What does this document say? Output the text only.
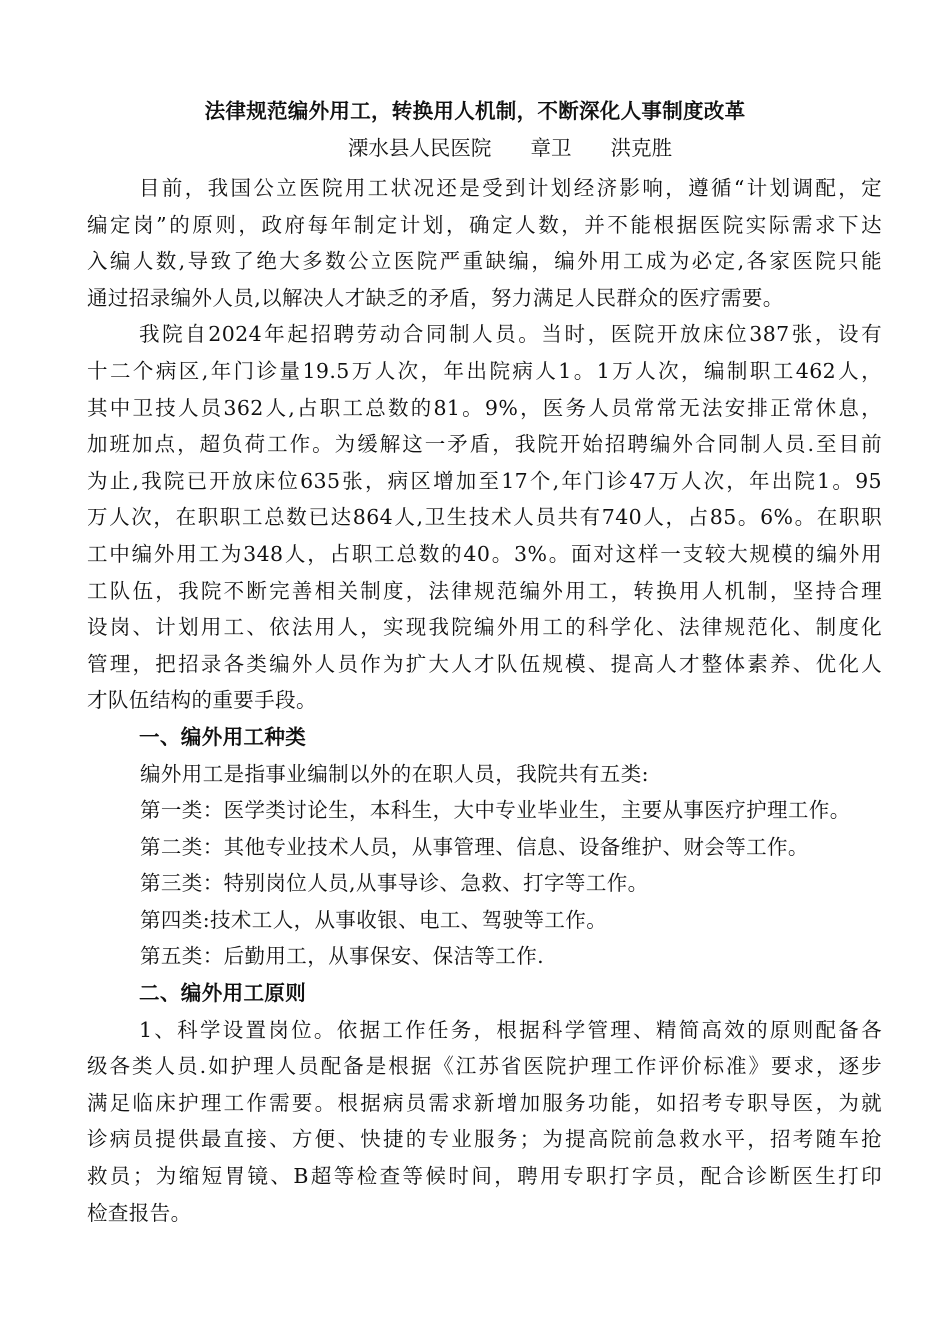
法律规范编外用工，转换用人机制，不断深化人事制度改革
溧水县人民医院      章卫      洪克胜
目前，我国公立医院用工状况还是受到计划经济影响，遵循“计划调配，定
编定岗”的原则，政府每年制定计划，确定人数，并不能根据医院实际需求下达
入编人数,导致了绝大多数公立医院严重缺编，编外用工成为必定,各家医院只能
通过招录编外人员,以解决人才缺乏的矛盾，努力满足人民群众的医疗需要。
我院自2024年起招聘劳动合同制人员。当时，医院开放床位387张，设有
十二个病区,年门诊量19.5万人次，年出院病人1。1万人次，编制职工462人，
其中卫技人员362人,占职工总数的81。9%，医务人员常常无法安排正常休息，
加班加点，超负荷工作。为缓解这一矛盾，我院开始招聘编外合同制人员.至目前
为止,我院已开放床位635张，病区增加至17个,年门诊47万人次，年出院1。95
万人次，在职职工总数已达864人,卫生技术人员共有740人，占85。6%。在职职
工中编外用工为348人，占职工总数的40。3%。面对这样一支较大规模的编外用
工队伍，我院不断完善相关制度，法律规范编外用工，转换用人机制，坚持合理
设岗、计划用工、依法用人，实现我院编外用工的科学化、法律规范化、制度化
管理，把招录各类编外人员作为扩大人才队伍规模、提高人才整体素养、优化人
才队伍结构的重要手段。
一、编外用工种类
编外用工是指事业编制以外的在职人员，我院共有五类:
第一类：医学类讨论生，本科生，大中专业毕业生，主要从事医疗护理工作。
第二类：其他专业技术人员，从事管理、信息、设备维护、财会等工作。
第三类：特别岗位人员,从事导诊、急救、打字等工作。
第四类:技术工人，从事收银、电工、驾驶等工作。
第五类：后勤用工，从事保安、保洁等工作.
二、编外用工原则
1、科学设置岗位。依据工作任务，根据科学管理、精简高效的原则配备各
级各类人员.如护理人员配备是根据《江苏省医院护理工作评价标准》要求，逐步
满足临床护理工作需要。根据病员需求新增加服务功能，如招考专职导医，为就
诊病员提供最直接、方便、快捷的专业服务；为提高院前急救水平，招考随车抢
救员；为缩短胃镜、B超等检查等候时间，聘用专职打字员，配合诊断医生打印
检查报告。
